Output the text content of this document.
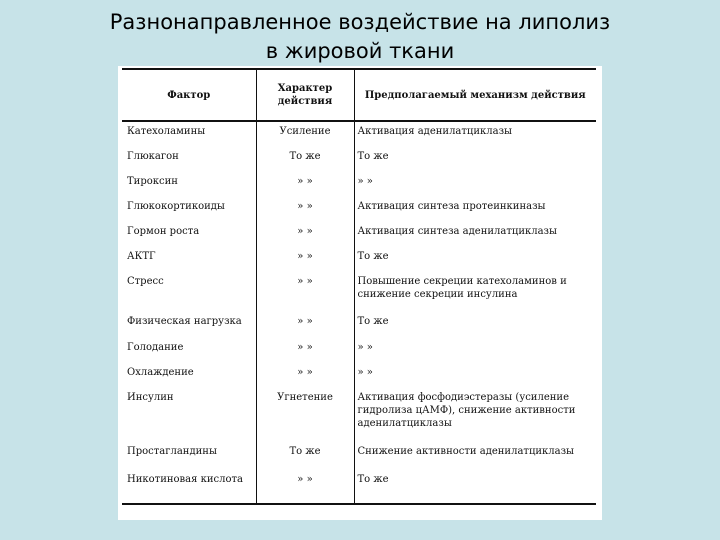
Разнонаправленное воздействие на липолиз
в жировой ткани
Фактор	Характер действия	Предполагаемый механизм действия
Катехоламины	Усиление	Активация аденилатциклазы
Глюкагон	То же	То же
Тироксин	» »	» »
Глюкокортикоиды	» »	Активация синтеза протеинкиназы
Гормон роста	» »	Активация синтеза аденилатциклазы
АКТГ	» »	То же
Стресс	» »	Повышение секреции катехоламинов и снижение секреции инсулина
Физическая нагрузка	» »	То же
Голодание	» »	» »
Охлаждение	» »	» »
Инсулин	Угнетение	Активация фосфодиэстеразы (усиление гидролиза цАМФ), снижение активности аденилатциклазы
Простагландины	То же	Снижение активности аденилатциклазы
Никотиновая кислота	» »	То же
